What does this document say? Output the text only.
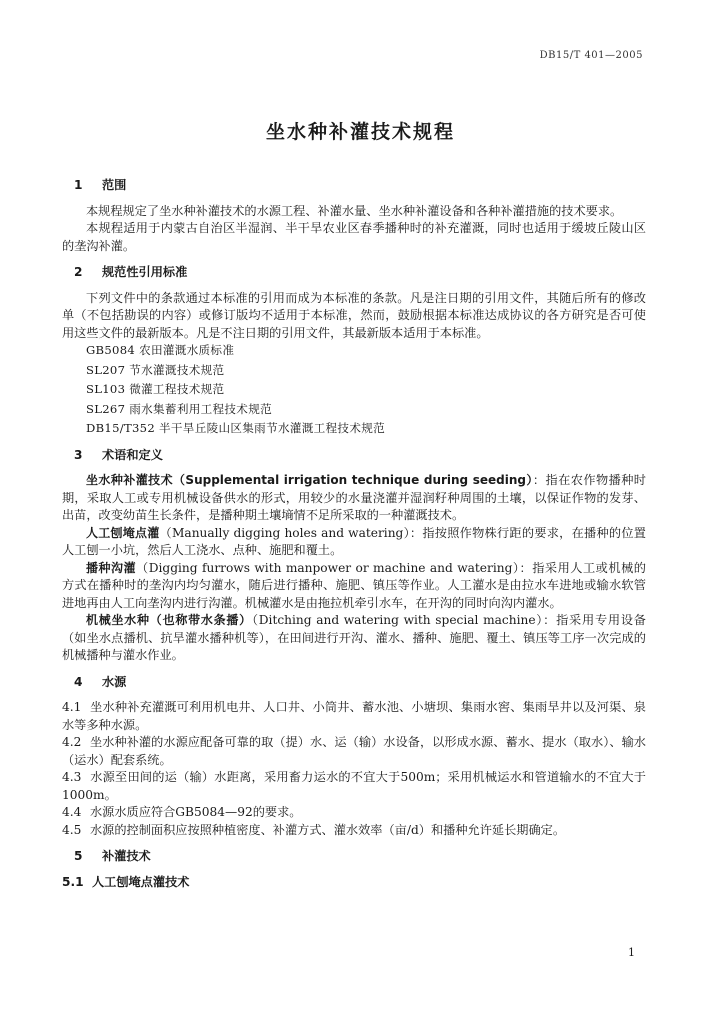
DB15/T 401—2005
坐水种补灌技术规程
1 范围

本规程规定了坐水种补灌技术的水源工程、补灌水量、坐水种补灌设备和各种补灌措施的技术要求。

本规程适用于内蒙古自治区半湿润、半干旱农业区春季播种时的补充灌溉，同时也适用于缓坡丘陵山区的垄沟补灌。

2 规范性引用标准

下列文件中的条款通过本标准的引用而成为本标准的条款。凡是注日期的引用文件，其随后所有的修改单（不包括勘误的内容）或修订版均不适用于本标准，然而，鼓励根据本标准达成协议的各方研究是否可使用这些文件的最新版本。凡是不注日期的引用文件，其最新版本适用于本标准。

GB5084 农田灌溉水质标准
SL207 节水灌溉技术规范
SL103 微灌工程技术规范
SL267 雨水集蓄利用工程技术规范
DB15/T352 半干旱丘陵山区集雨节水灌溉工程技术规范
3 术语和定义

坐水种补灌技术（Supplemental irrigation technique during seeding）：指在农作物播种时期，采取人工或专用机械设备供水的形式，用较少的水量浇灌并湿润籽种周围的土壤，以保证作物的发芽、出苗，改变幼苗生长条件，是播种期土壤墒情不足所采取的一种灌溉技术。

人工刨埯点灌（Manually digging holes and watering）：指按照作物株行距的要求，在播种的位置人工刨一小坑，然后人工浇水、点种、施肥和覆土。

播种沟灌（Digging furrows with manpower or machine and watering）：指采用人工或机械的方式在播种时的垄沟内均匀灌水，随后进行播种、施肥、镇压等作业。人工灌水是由拉水车进地或输水软管进地再由人工向垄沟内进行沟灌。机械灌水是由拖拉机牵引水车，在开沟的同时向沟内灌水。

机械坐水种（也称带水条播）（Ditching and watering with special machine）：指采用专用设备（如坐水点播机、抗旱灌水播种机等），在田间进行开沟、灌水、播种、施肥、覆土、镇压等工序一次完成的机械播种与灌水作业。

4 水源

4.1 坐水种补充灌溉可利用机电井、人口井、小筒井、蓄水池、小塘坝、集雨水窖、集雨旱井以及河渠、泉水等多种水源。

4.2 坐水种补灌的水源应配备可靠的取（提）水、运（输）水设备，以形成水源、蓄水、提水（取水）、输水（运水）配套系统。

4.3 水源至田间的运（输）水距离，采用畜力运水的不宜大于500m；采用机械运水和管道输水的不宜大于1000m。

4.4 水源水质应符合GB5084—92的要求。

4.5 水源的控制面积应按照种植密度、补灌方式、灌水效率（亩/d）和播种允许延长期确定。

5 补灌技术
5.1 人工刨埯点灌技术
1
